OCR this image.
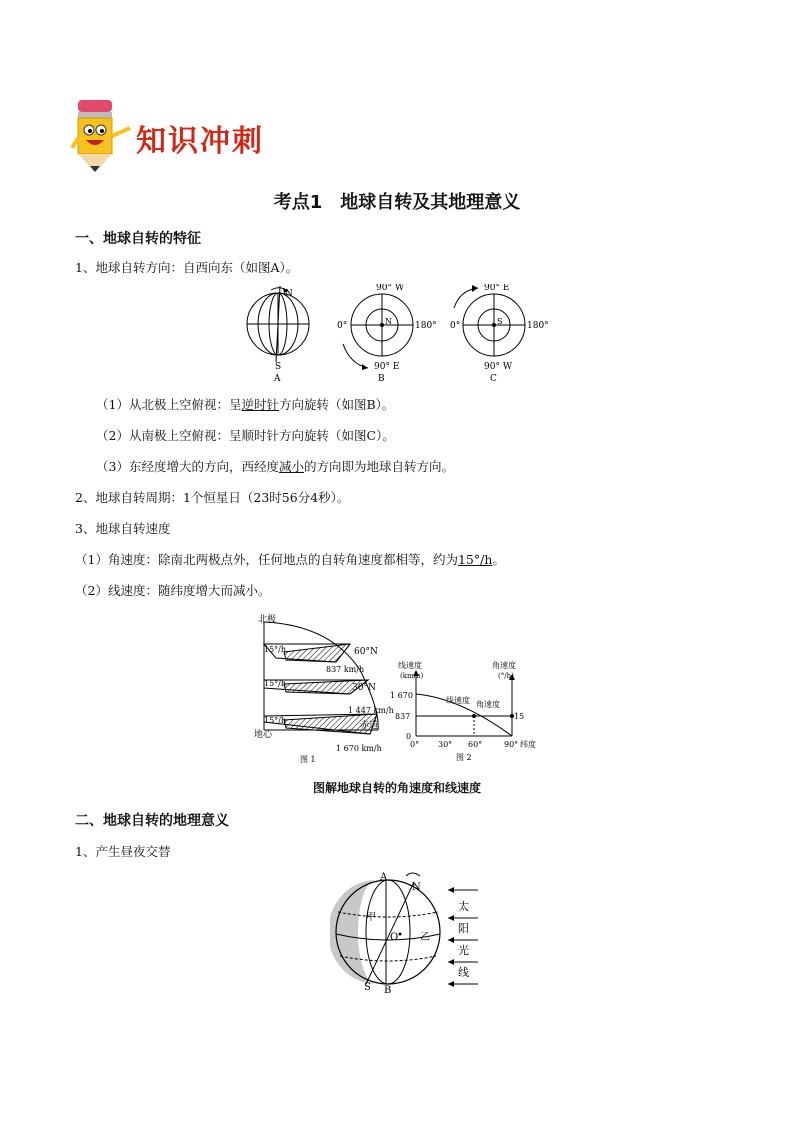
知识冲刺
考点1　地球自转及其地理意义
一、地球自转的特征
1、地球自转方向：自西向东（如图A）。
N
S
A
90° W
0°	180°
N
90° E
B
90° E
0°	180°
S
90° W
C
（1）从北极上空俯视：呈逆时针方向旋转（如图B）。
（2）从南极上空俯视：呈顺时针方向旋转（如图C）。
（3）东经度增大的方向，西经度减小的方向即为地球自转方向。
2、地球自转周期：1个恒星日（23时56分4秒）。
3、地球自转速度
（1）角速度：除南北两极点外，任何地点的自转角速度都相等，约为15°/h。
（2）线速度：随纬度增大而减小。
北极
15°/h
15°/h
15°/h
60°N
837 km/h
30°N
1 447 km/h
赤道
地心
1 670 km/h
图 1
线速度
(km/h)
角速度
(°/h)
1 670
837
0
线速度 角速度
15
0° 30° 60°	90° 纬度
图 2
图解地球自转的角速度和线速度
二、地球自转的地理意义
1、产生昼夜交替
A
N
甲
O 乙
S B
太
阳
光
线
